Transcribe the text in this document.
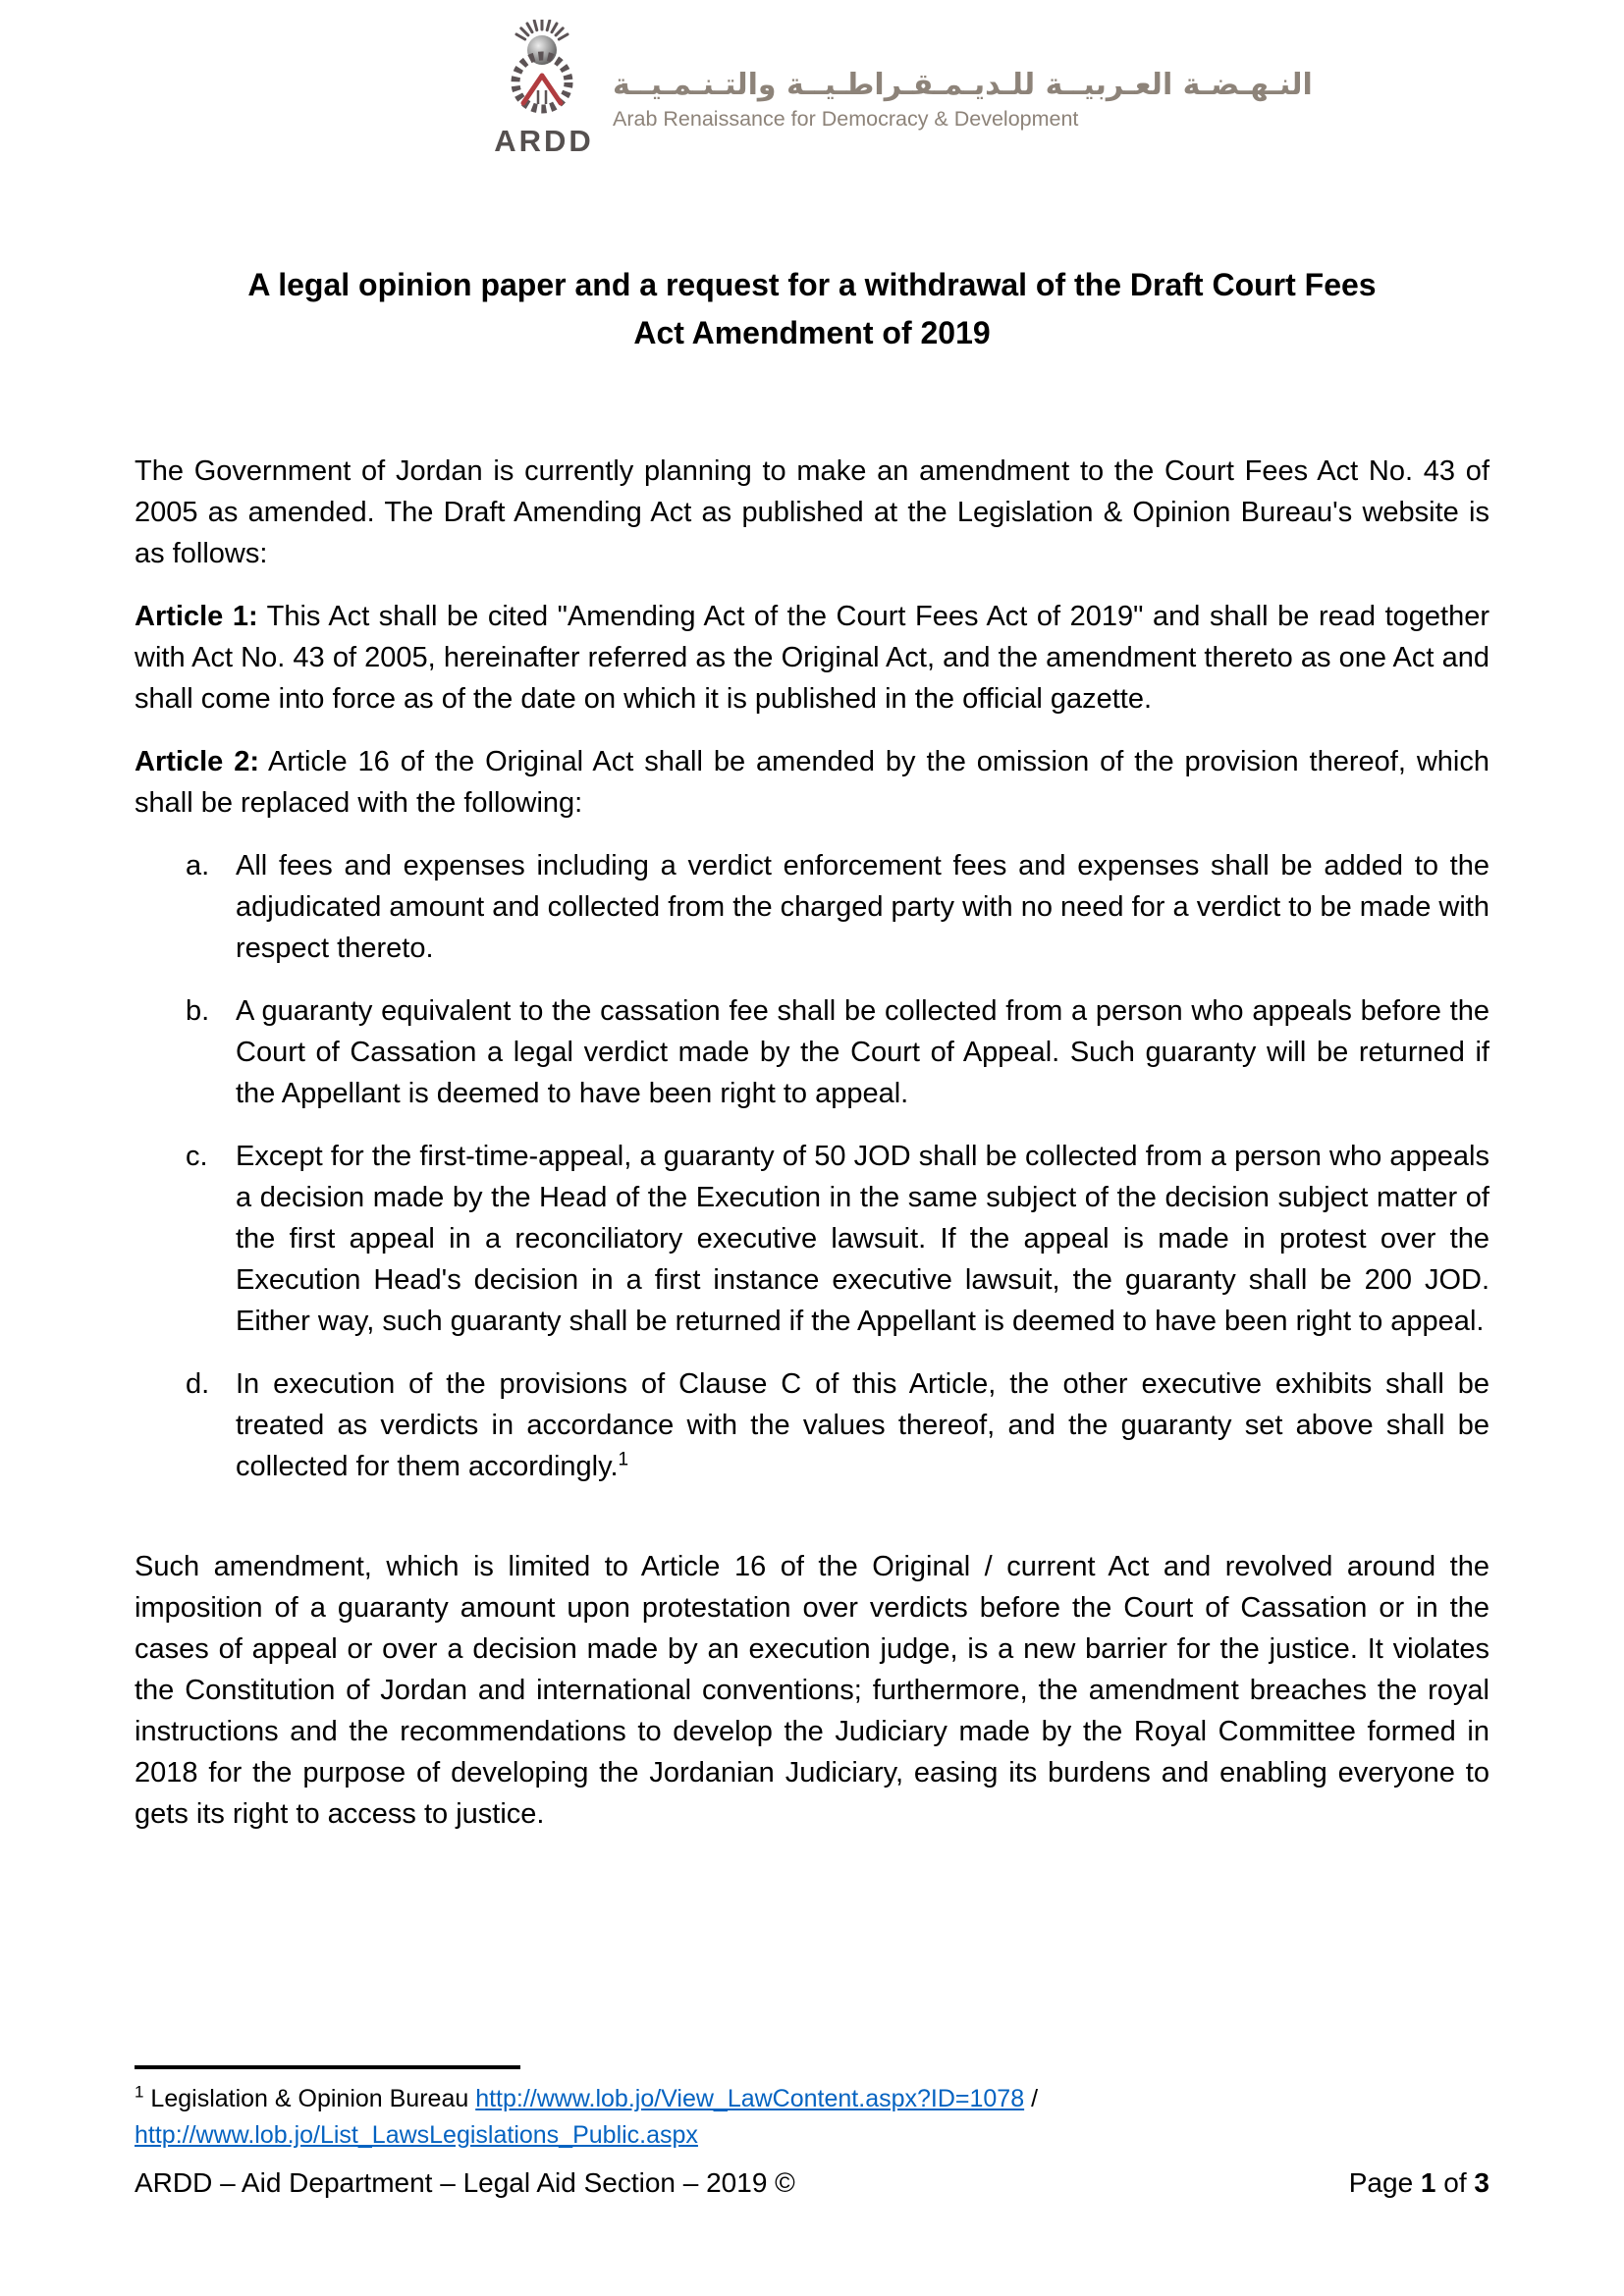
ARDD
النـهـضـة العـربيــة للـديـمـقـراطـيــة والتـنـمـيــة
Arab Renaissance for Democracy & Development
A legal opinion paper and a request for a withdrawal of the Draft Court Fees
Act Amendment of 2019

The Government of Jordan is currently planning to make an amendment to the Court Fees Act No. 43 of 2005 as amended. The Draft Amending Act as published at the Legislation & Opinion Bureau's website is as follows:

Article 1: This Act shall be cited "Amending Act of the Court Fees Act of 2019" and shall be read together with Act No. 43 of 2005, hereinafter referred as the Original Act, and the amendment thereto as one Act and shall come into force as of the date on which it is published in the official gazette.

Article 2: Article 16 of the Original Act shall be amended by the omission of the provision thereof, which shall be replaced with the following:

a. All fees and expenses including a verdict enforcement fees and expenses shall be added to the adjudicated amount and collected from the charged party with no need for a verdict to be made with respect thereto.
b. A guaranty equivalent to the cassation fee shall be collected from a person who appeals before the Court of Cassation a legal verdict made by the Court of Appeal. Such guaranty will be returned if the Appellant is deemed to have been right to appeal.
c. Except for the first-time-appeal, a guaranty of 50 JOD shall be collected from a person who appeals a decision made by the Head of the Execution in the same subject of the decision subject matter of the first appeal in a reconciliatory executive lawsuit. If the appeal is made in protest over the Execution Head's decision in a first instance executive lawsuit, the guaranty shall be 200 JOD. Either way, such guaranty shall be returned if the Appellant is deemed to have been right to appeal.
d. In execution of the provisions of Clause C of this Article, the other executive exhibits shall be treated as verdicts in accordance with the values thereof, and the guaranty set above shall be collected for them accordingly.$^1$

Such amendment, which is limited to Article 16 of the Original / current Act and revolved around the imposition of a guaranty amount upon protestation over verdicts before the Court of Cassation or in the cases of appeal or over a decision made by an execution judge, is a new barrier for the justice. It violates the Constitution of Jordan and international conventions; furthermore, the amendment breaches the royal instructions and the recommendations to develop the Judiciary made by the Royal Committee formed in 2018 for the purpose of developing the Jordanian Judiciary, easing its burdens and enabling everyone to gets its right to access to justice.

$^1$ Legislation & Opinion Bureau http://www.lob.jo/View_LawContent.aspx?ID=1078 /
http://www.lob.jo/List_LawsLegislations_Public.aspx
ARDD – Aid Department – Legal Aid Section – 2019 ©	Page 1 of 3
